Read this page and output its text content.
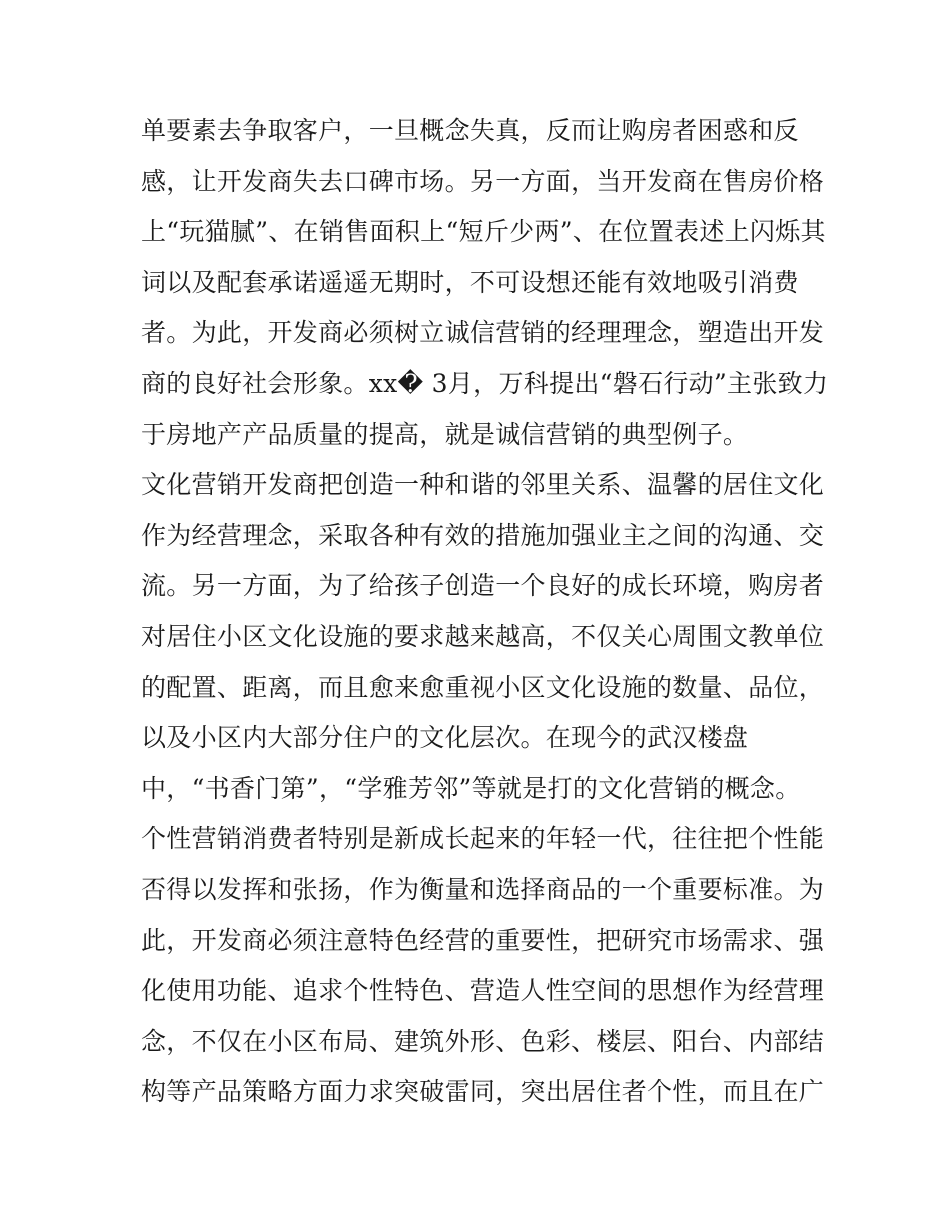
单要素去争取客户，一旦概念失真，反而让购房者困惑和反
感，让开发商失去口碑市场。另一方面，当开发商在售房价格
上“玩猫腻”、在销售面积上“短斤少两”、在位置表述上闪烁其
词以及配套承诺遥遥无期时，不可设想还能有效地吸引消费
者。为此，开发商必须树立诚信营销的经理理念，塑造出开发
商的良好社会形象。xx� 3月，万科提出“磐石行动”主张致力
于房地产产品质量的提高，就是诚信营销的典型例子。
文化营销开发商把创造一种和谐的邻里关系、温馨的居住文化
作为经营理念，采取各种有效的措施加强业主之间的沟通、交
流。另一方面，为了给孩子创造一个良好的成长环境，购房者
对居住小区文化设施的要求越来越高，不仅关心周围文教单位
的配置、距离，而且愈来愈重视小区文化设施的数量、品位，
以及小区内大部分住户的文化层次。在现今的武汉楼盘
中，“书香门第”，“学雅芳邻”等就是打的文化营销的概念。
个性营销消费者特别是新成长起来的年轻一代，往往把个性能
否得以发挥和张扬，作为衡量和选择商品的一个重要标准。为
此，开发商必须注意特色经营的重要性，把研究市场需求、强
化使用功能、追求个性特色、营造人性空间的思想作为经营理
念，不仅在小区布局、建筑外形、色彩、楼层、阳台、内部结
构等产品策略方面力求突破雷同，突出居住者个性，而且在广
